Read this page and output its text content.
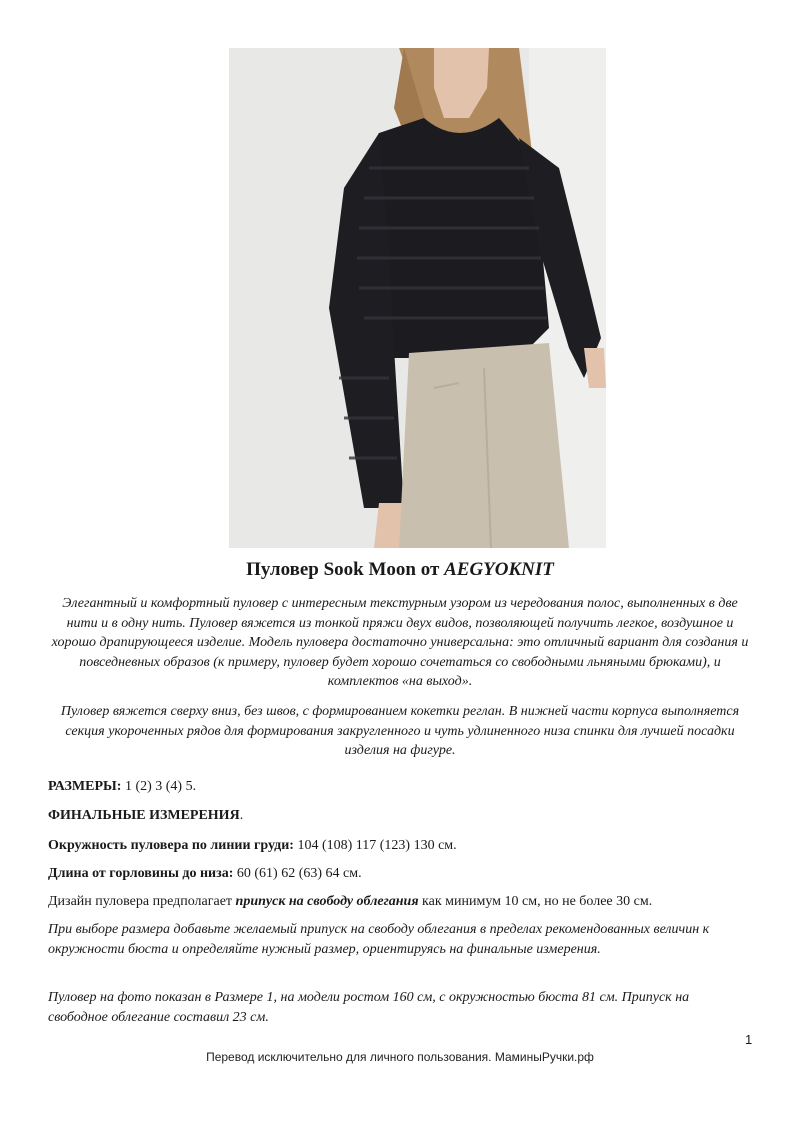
Пуловер Sook Moon от AEGYOKNIT
Элегантный и комфортный пуловер с интересным текстурным узором из чередования полос, выполненных в две нити и в одну нить. Пуловер вяжется из тонкой пряжи двух видов, позволяющей получить легкое, воздушное и хорошо драпирующееся изделие. Модель пуловера достаточно универсальна: это отличный вариант для создания и повседневных образов (к примеру, пуловер будет хорошо сочетаться со свободными льняными брюками), и комплектов «на выход».
Пуловер вяжется сверху вниз, без швов, с формированием кокетки реглан. В нижней части корпуса выполняется секция укороченных рядов для формирования закругленного и чуть удлиненного низа спинки для лучшей посадки изделия на фигуре.
РАЗМЕРЫ: 1 (2) 3 (4) 5.
ФИНАЛЬНЫЕ ИЗМЕРЕНИЯ.
Окружность пуловера по линии груди: 104 (108) 117 (123) 130 см.
Длина от горловины до низа: 60 (61) 62 (63) 64 см.
Дизайн пуловера предполагает припуск на свободу облегания как минимум 10 см, но не более 30 см.
При выборе размера добавьте желаемый припуск на свободу облегания в пределах рекомендованных величин к окружности бюста и определяйте нужный размер, ориентируясь на финальные измерения.
Пуловер на фото показан в Размере 1, на модели ростом 160 см, с окружностью бюста 81 см. Припуск на свободное облегание составил 23 см.
1
Перевод исключительно для личного пользования. МаминыРучки.рф
